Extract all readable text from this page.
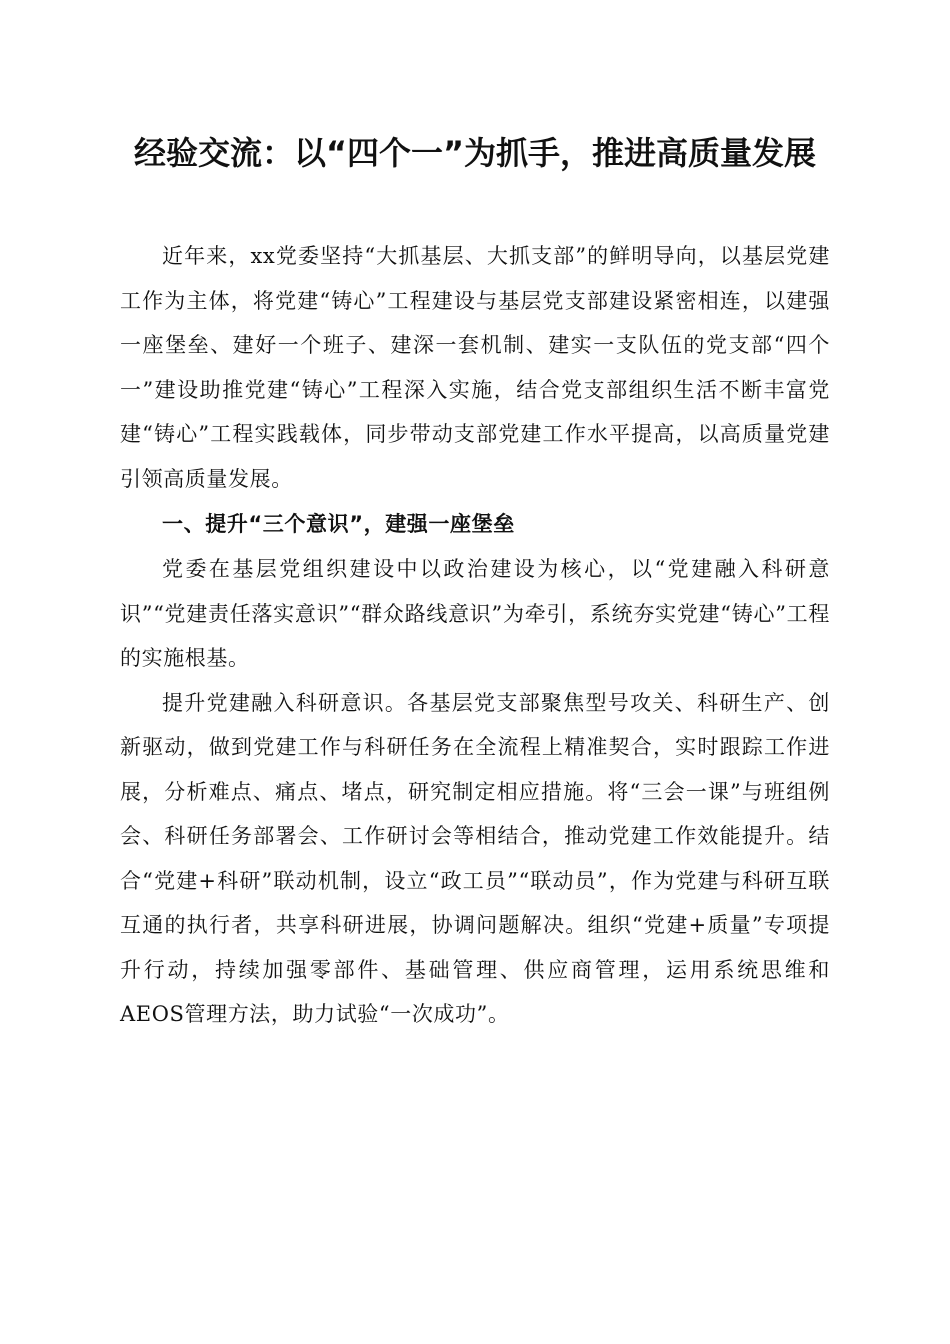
经验交流：以“四个一”为抓手，推进高质量发展

近年来，xx党委坚持“大抓基层、大抓支部”的鲜明导向，以基层党建工作为主体，将党建“铸心”工程建设与基层党支部建设紧密相连，以建强一座堡垒、建好一个班子、建深一套机制、建实一支队伍的党支部“四个一”建设助推党建“铸心”工程深入实施，结合党支部组织生活不断丰富党建“铸心”工程实践载体，同步带动支部党建工作水平提高，以高质量党建引领高质量发展。

一、提升“三个意识”，建强一座堡垒

党委在基层党组织建设中以政治建设为核心，以“党建融入科研意识”“党建责任落实意识”“群众路线意识”为牵引，系统夯实党建“铸心”工程的实施根基。

提升党建融入科研意识。各基层党支部聚焦型号攻关、科研生产、创新驱动，做到党建工作与科研任务在全流程上精准契合，实时跟踪工作进展，分析难点、痛点、堵点，研究制定相应措施。将“三会一课”与班组例会、科研任务部署会、工作研讨会等相结合，推动党建工作效能提升。结合“党建+科研”联动机制，设立“政工员”“联动员”，作为党建与科研互联互通的执行者，共享科研进展，协调问题解决。组织“党建+质量”专项提升行动，持续加强零部件、基础管理、供应商管理，运用系统思维和AEOS管理方法，助力试验“一次成功”。
